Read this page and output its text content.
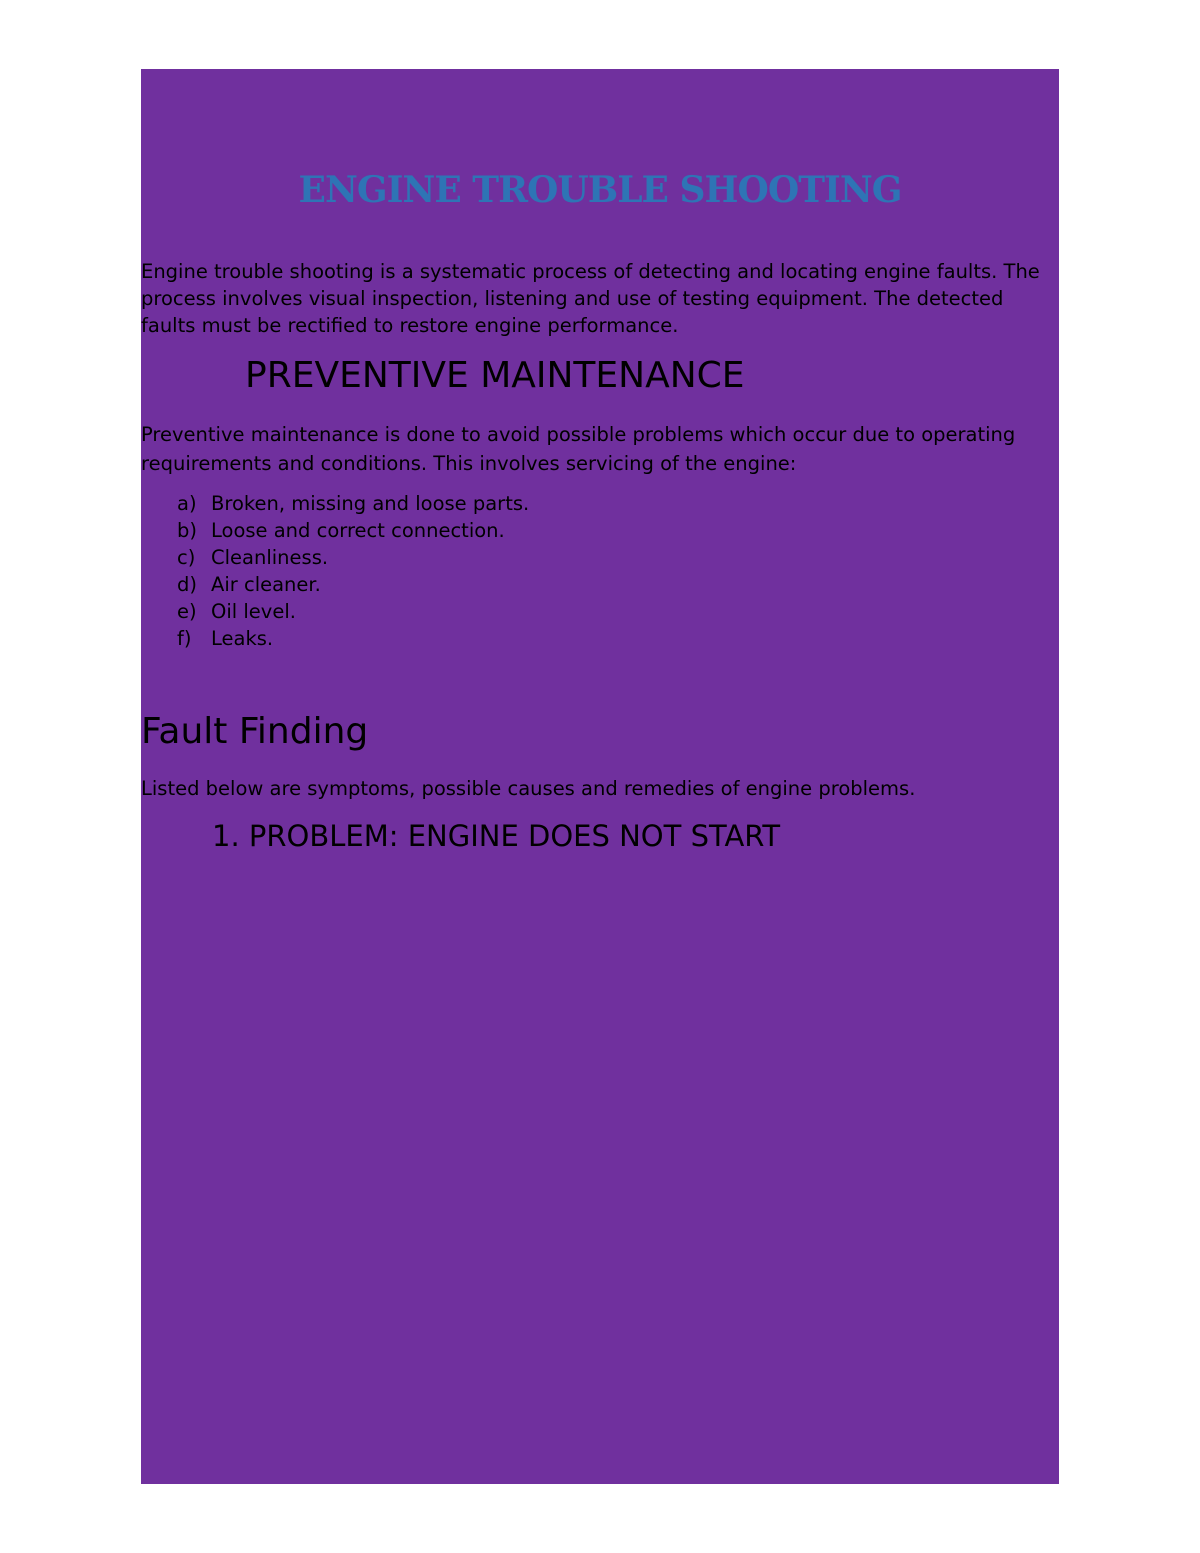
ENGINE TROUBLE SHOOTING

Engine trouble shooting is a systematic process of detecting and locating engine faults. The process involves visual inspection, listening and use of testing equipment. The detected faults must be rectified to restore engine performance.

PREVENTIVE MAINTENANCE

Preventive maintenance is done to avoid possible problems which occur due to operating requirements and conditions. This involves servicing of the engine:

a) Broken, missing and loose parts.
b) Loose and correct connection.
c) Cleanliness.
d) Air cleaner.
e) Oil level.
f)	Leaks.
Fault Finding

Listed below are symptoms, possible causes and remedies of engine problems.

1. PROBLEM: ENGINE DOES NOT START
